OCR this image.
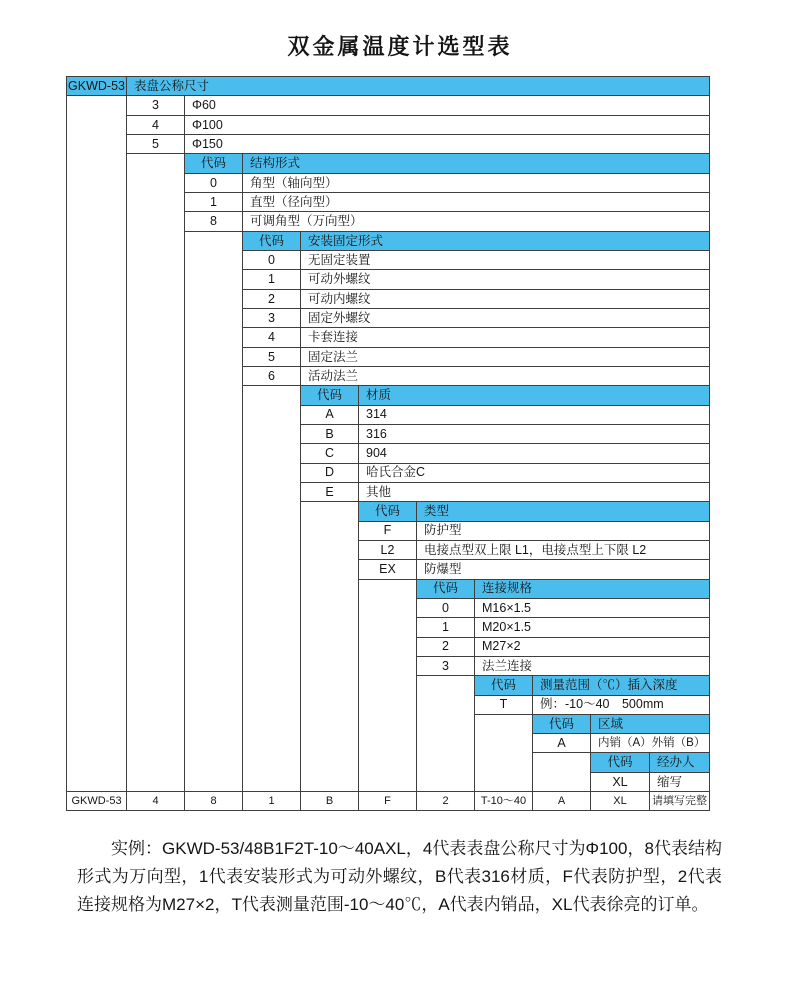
双金属温度计选型表
GKWD-53 表盘公称尺寸
3	Φ60
4	Φ100
5	Φ150
代码	结构形式
0	角型（轴向型）
1	直型（径向型）
8	可调角型（万向型）
代码	安装固定形式
0	无固定装置
1	可动外螺纹
2	可动内螺纹
3	固定外螺纹
4	卡套连接
5	固定法兰
6	活动法兰
代码	材质
A	314
B	316
C	904
D	哈氏合金C
E	其他
代码	类型
F	防护型
L2	电接点型双上限 L1，电接点型上下限 L2
EX	防爆型
代码	连接规格
0	M16×1.5
1	M20×1.5
2	M27×2
3	法兰连接
代码	测量范围（℃）插入深度
T	例：-10～40　500mm
代码	区域
A	内销（A）外销（B）
代码	经办人
XL	缩写
GKWD-53	4	8	1	B	F	2	T-10～40	A	XL	请填写完整

实例：GKWD-53/48B1F2T-10～40AXL，4代表表盘公称尺寸为Φ100，8代表结构形式为万向型，1代表安装形式为可动外螺纹，B代表316材质，F代表防护型，2代表连接规格为M27×2，T代表测量范围-10～40℃，A代表内销品，XL代表徐亮的订单。
